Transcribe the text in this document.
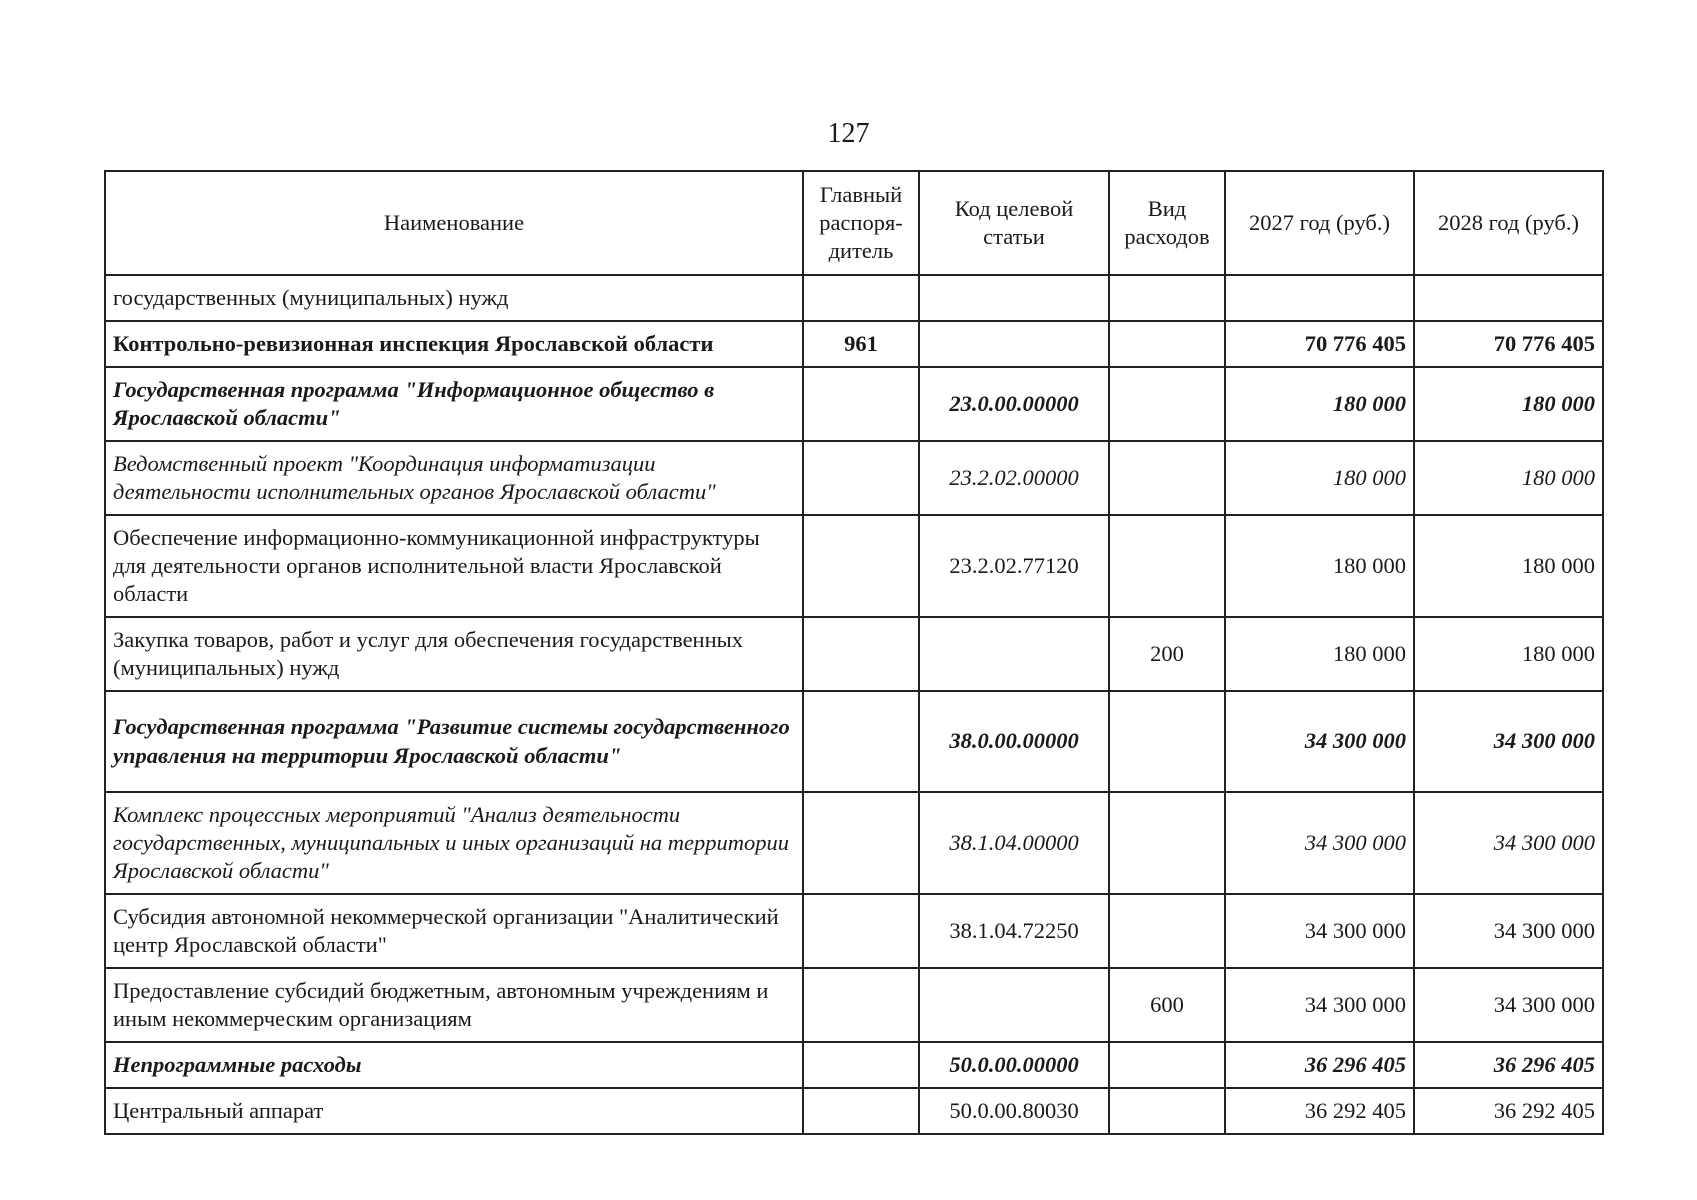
127
Наименование	Главный распоря-дитель	Код целевой статьи	Вид расходов	2027 год (руб.)	2028 год (руб.)
государственных (муниципальных) нужд					
Контрольно-ревизионная инспекция Ярославской области	961			70 776 405	70 776 405
Государственная программа "Информационное общество в Ярославской области"		23.0.00.00000		180 000	180 000
Ведомственный проект "Координация информатизации деятельности исполнительных органов Ярославской области"		23.2.02.00000		180 000	180 000
Обеспечение информационно-коммуникационной инфраструктуры для деятельности органов исполнительной власти Ярославской области		23.2.02.77120		180 000	180 000
Закупка товаров, работ и услуг для обеспечения государственных (муниципальных) нужд			200	180 000	180 000
Государственная программа "Развитие системы государственного управления на территории Ярославской области"		38.0.00.00000		34 300 000	34 300 000
Комплекс процессных мероприятий "Анализ деятельности государственных, муниципальных и иных организаций на территории Ярославской области"		38.1.04.00000		34 300 000	34 300 000
Субсидия автономной некоммерческой организации "Аналитический центр Ярославской области"		38.1.04.72250		34 300 000	34 300 000
Предоставление субсидий бюджетным, автономным учреждениям и иным некоммерческим организациям			600	34 300 000	34 300 000
Непрограммные расходы		50.0.00.00000		36 296 405	36 296 405
Центральный аппарат		50.0.00.80030		36 292 405	36 292 405
